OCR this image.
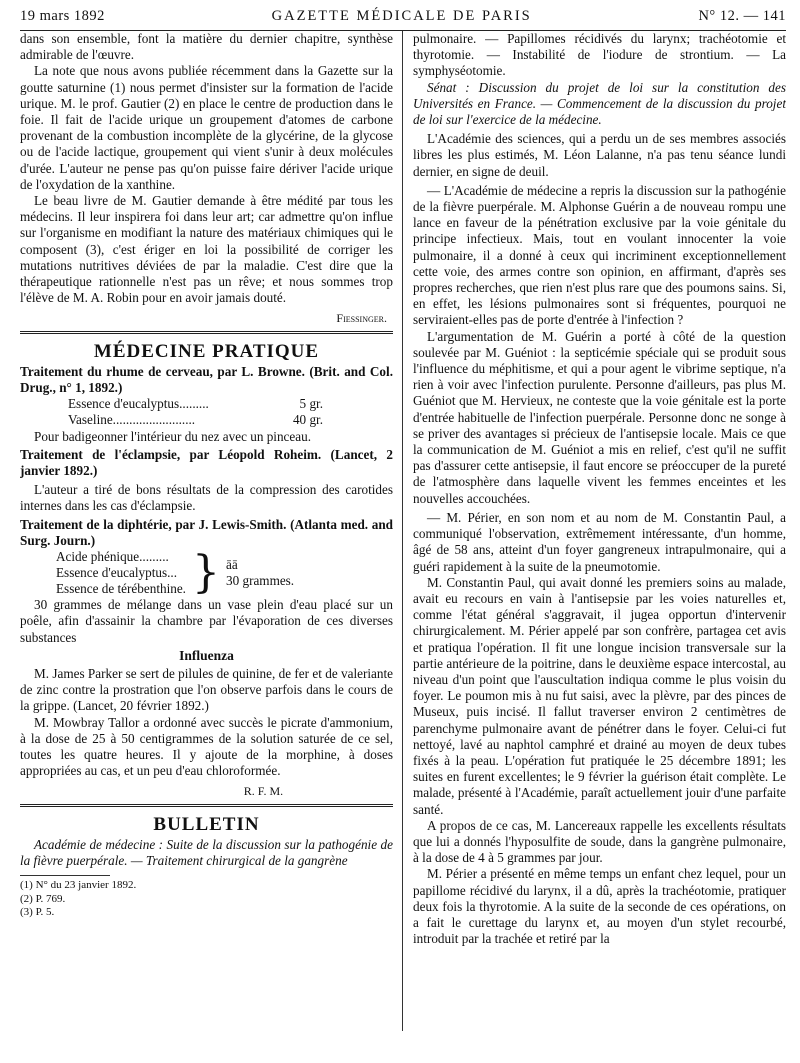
19 mars 1892	GAZETTE MÉDICALE DE PARIS	N° 12. — 141

dans son ensemble, font la matière du dernier chapitre, synthèse admirable de l'œuvre.

La note que nous avons publiée récemment dans la Gazette sur la goutte saturnine (1) nous permet d'insister sur la formation de l'acide urique. M. le prof. Gautier (2) en place le centre de production dans le foie. Il fait de l'acide urique un groupement d'atomes de carbone provenant de la combustion incomplète de la glycérine, de la glycose ou de l'acide lactique, groupement qui vient s'unir à deux molécules d'urée. L'auteur ne pense pas qu'on puisse faire dériver l'acide urique de l'oxydation de la xanthine.

Le beau livre de M. Gautier demande à être médité par tous les médecins. Il leur inspirera foi dans leur art; car admettre qu'on influe sur l'organisme en modifiant la nature des matériaux chimiques qui le composent (3), c'est ériger en loi la possibilité de corriger les mutations nutritives déviées de par la maladie. C'est dire que la thérapeutique rationnelle n'est pas un rêve; et nous sommes trop l'élève de M. A. Robin pour en avoir jamais douté.

Fiessinger.
MÉDECINE PRATIQUE

Traitement du rhume de cerveau, par L. Browne. (Brit. and Col. Drug., n° 1, 1892.)

Essence d'eucalyptus.........	5 gr.
Vaseline.........................	40 gr.

Pour badigeonner l'intérieur du nez avec un pinceau.

Traitement de l'éclampsie, par Léopold Roheim. (Lancet, 2 janvier 1892.)

L'auteur a tiré de bons résultats de la compression des carotides internes dans les cas d'éclampsie.

Traitement de la diphtérie, par J. Lewis-Smith. (Atlanta med. and Surg. Journ.)

Acide phénique.........
Essence d'eucalyptus...
Essence de térébenthine. } āā
30 grammes.

30 grammes de mélange dans un vase plein d'eau placé sur un poêle, afin d'assainir la chambre par l'évaporation de ces diverses substances

Influenza

M. James Parker se sert de pilules de quinine, de fer et de valeriante de zinc contre la prostration que l'on observe parfois dans le cours de la grippe. (Lancet, 20 février 1892.)

M. Mowbray Tallor a ordonné avec succès le picrate d'ammonium, à la dose de 25 à 50 centigrammes de la solution saturée de ce sel, toutes les quatre heures. Il y ajoute de la morphine, à doses appropriées au cas, et un peu d'eau chloroformée.

R. F. M.
BULLETIN

Académie de médecine : Suite de la discussion sur la pathogénie de la fièvre puerpérale. — Traitement chirurgical de la gangrène

(1) N° du 23 janvier 1892.
(2) P. 769.
(3) P. 5.

pulmonaire. — Papillomes récidivés du larynx; trachéotomie et thyrotomie. — Instabilité de l'iodure de strontium. — La symphyséotomie.

Sénat : Discussion du projet de loi sur la constitution des Universités en France. — Commencement de la discussion du projet de loi sur l'exercice de la médecine.

L'Académie des sciences, qui a perdu un de ses membres associés libres les plus estimés, M. Léon Lalanne, n'a pas tenu séance lundi dernier, en signe de deuil.

— L'Académie de médecine a repris la discussion sur la pathogénie de la fièvre puerpérale. M. Alphonse Guérin a de nouveau rompu une lance en faveur de la pénétration exclusive par la voie génitale du principe infectieux. Mais, tout en voulant innocenter la voie pulmonaire, il a donné à ceux qui incriminent exceptionnellement cette voie, des armes contre son opinion, en affirmant, d'après ses propres recherches, que rien n'est plus rare que des poumons sains. Si, en effet, les lésions pulmonaires sont si fréquentes, pourquoi ne serviraient-elles pas de porte d'entrée à l'infection ?

L'argumentation de M. Guérin a porté à côté de la question soulevée par M. Guéniot : la septicémie spéciale qui se produit sous l'influence du méphitisme, et qui a pour agent le vibrime septique, n'a rien à voir avec l'infection purulente. Personne d'ailleurs, pas plus M. Guéniot que M. Hervieux, ne conteste que la voie génitale est la porte d'entrée habituelle de l'infection puerpérale. Personne donc ne songe à se priver des avantages si précieux de l'antisepsie locale. Mais ce que la communication de M. Guéniot a mis en relief, c'est qu'il ne suffit pas d'assurer cette antisepsie, il faut encore se préoccuper de la pureté de l'atmosphère dans laquelle vivent les femmes enceintes et les nouvelles accouchées.

— M. Périer, en son nom et au nom de M. Constantin Paul, a communiqué l'observation, extrêmement intéressante, d'un homme, âgé de 58 ans, atteint d'un foyer gangreneux intrapulmonaire, qui a guéri rapidement à la suite de la pneumotomie.

M. Constantin Paul, qui avait donné les premiers soins au malade, avait eu recours en vain à l'antisepsie par les voies naturelles et, comme l'état général s'aggravait, il jugea opportun d'intervenir chirurgicalement. M. Périer appelé par son confrère, partagea cet avis et pratiqua l'opération. Il fit une longue incision transversale sur la partie antérieure de la poitrine, dans le deuxième espace intercostal, au niveau d'un point que l'auscultation indiqua comme le plus voisin du foyer. Le poumon mis à nu fut saisi, avec la plèvre, par des pinces de Museux, puis incisé. Il fallut traverser environ 2 centimètres de parenchyme pulmonaire avant de pénétrer dans le foyer. Celui-ci fut nettoyé, lavé au naphtol camphré et drainé au moyen de deux tubes fixés à la peau. L'opération fut pratiquée le 25 décembre 1891; les suites en furent excellentes; le 9 février la guérison était complète. Le malade, présenté à l'Académie, paraît actuellement jouir d'une parfaite santé.

A propos de ce cas, M. Lancereaux rappelle les excellents résultats que lui a donnés l'hyposulfite de soude, dans la gangrène pulmonaire, à la dose de 4 à 5 grammes par jour.

M. Périer a présenté en même temps un enfant chez lequel, pour un papillome récidivé du larynx, il a dû, après la trachéotomie, pratiquer deux fois la thyrotomie. A la suite de la seconde de ces opérations, on a fait le curettage du larynx et, au moyen d'un stylet recourbé, introduit par la trachée et retiré par la
